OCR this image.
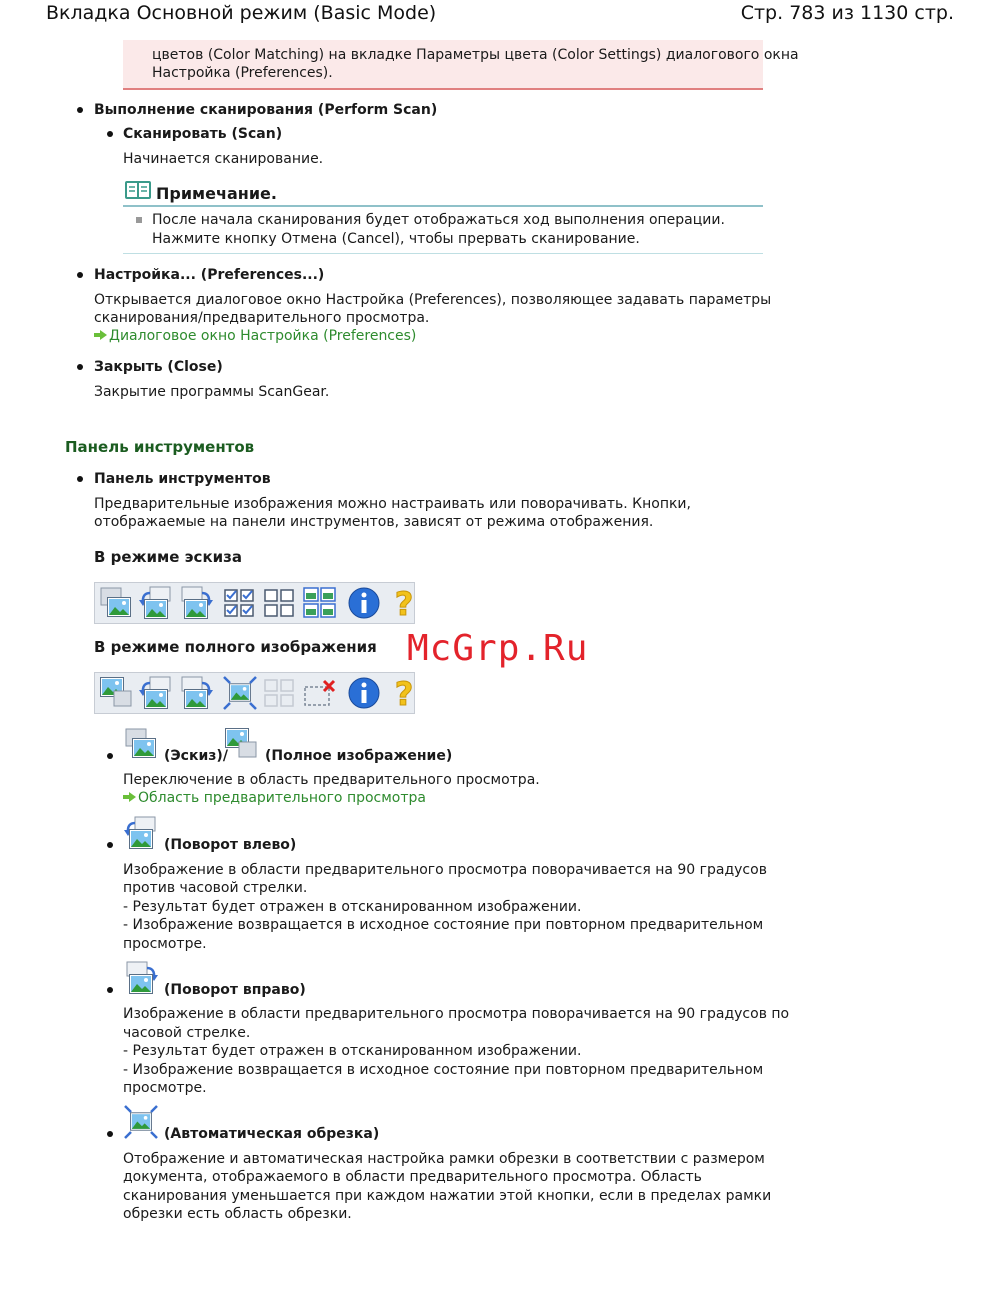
Вкладка Основной режим (Basic Mode)	Стр. 783 из 1130 стр.
цветов (Color Matching) на вкладке Параметры цвета (Color Settings) диалогового окна
Настройка (Preferences).
Выполнение сканирования (Perform Scan)
Сканировать (Scan)
Начинается сканирование.
Примечание.
После начала сканирования будет отображаться ход выполнения операции.
Нажмите кнопку Отмена (Cancel), чтобы прервать сканирование.
Настройка... (Preferences...)
Открывается диалоговое окно Настройка (Preferences), позволяющее задавать параметры
сканирования/предварительного просмотра.
Диалоговое окно Настройка (Preferences)
Закрыть (Close)
Закрытие программы ScanGear.
Панель инструментов
Панель инструментов
Предварительные изображения можно настраивать или поворачивать. Кнопки,
отображаемые на панели инструментов, зависят от режима отображения.
В режиме эскиза
?
В режиме полного изображения McGrp.Ru
?
(Эскиз)/	(Полное изображение)
Переключение в область предварительного просмотра.
Область предварительного просмотра
(Поворот влево)
Изображение в области предварительного просмотра поворачивается на 90 градусов
против часовой стрелки.
- Результат будет отражен в отсканированном изображении.
- Изображение возвращается в исходное состояние при повторном предварительном
просмотре.
(Поворот вправо)
Изображение в области предварительного просмотра поворачивается на 90 градусов по
часовой стрелке.
- Результат будет отражен в отсканированном изображении.
- Изображение возвращается в исходное состояние при повторном предварительном
просмотре.
(Автоматическая обрезка)
Отображение и автоматическая настройка рамки обрезки в соответствии с размером
документа, отображаемого в области предварительного просмотра. Область
сканирования уменьшается при каждом нажатии этой кнопки, если в пределах рамки
обрезки есть область обрезки.
